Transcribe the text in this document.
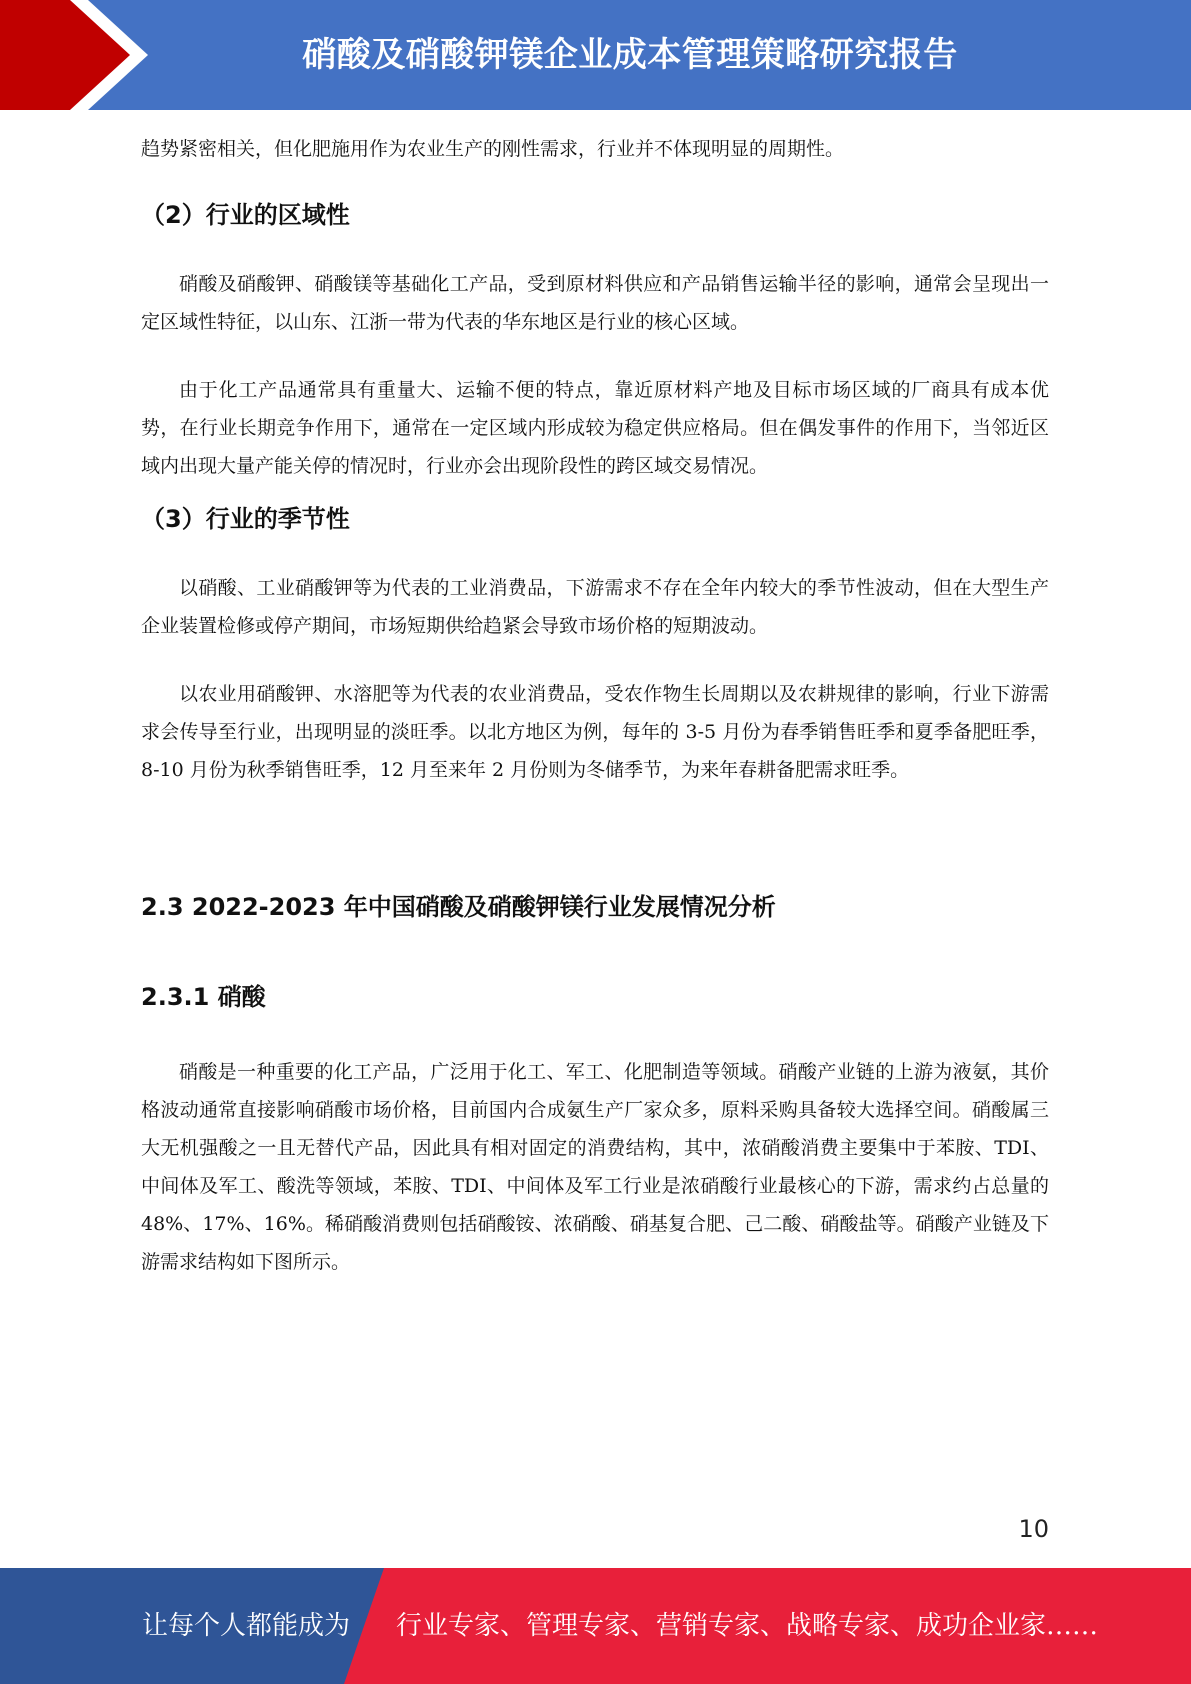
硝酸及硝酸钾镁企业成本管理策略研究报告

趋势紧密相关，但化肥施用作为农业生产的刚性需求，行业并不体现明显的周期性。

（2）行业的区域性

硝酸及硝酸钾、硝酸镁等基础化工产品，受到原材料供应和产品销售运输半径的影响，通常会呈现出一定区域性特征，以山东、江浙一带为代表的华东地区是行业的核心区域。

由于化工产品通常具有重量大、运输不便的特点，靠近原材料产地及目标市场区域的厂商具有成本优势，在行业长期竞争作用下，通常在一定区域内形成较为稳定供应格局。但在偶发事件的作用下，当邻近区域内出现大量产能关停的情况时，行业亦会出现阶段性的跨区域交易情况。

（3）行业的季节性

以硝酸、工业硝酸钾等为代表的工业消费品，下游需求不存在全年内较大的季节性波动，但在大型生产企业装置检修或停产期间，市场短期供给趋紧会导致市场价格的短期波动。

以农业用硝酸钾、水溶肥等为代表的农业消费品，受农作物生长周期以及农耕规律的影响，行业下游需求会传导至行业，出现明显的淡旺季。以北方地区为例，每年的 3-5 月份为春季销售旺季和夏季备肥旺季，8-10 月份为秋季销售旺季，12 月至来年 2 月份则为冬储季节，为来年春耕备肥需求旺季。

2.3 2022-2023 年中国硝酸及硝酸钾镁行业发展情况分析
2.3.1 硝酸

硝酸是一种重要的化工产品，广泛用于化工、军工、化肥制造等领域。硝酸产业链的上游为液氨，其价格波动通常直接影响硝酸市场价格，目前国内合成氨生产厂家众多，原料采购具备较大选择空间。硝酸属三大无机强酸之一且无替代产品，因此具有相对固定的消费结构，其中，浓硝酸消费主要集中于苯胺、TDI、中间体及军工、酸洗等领域，苯胺、TDI、中间体及军工行业是浓硝酸行业最核心的下游，需求约占总量的 48%、17%、16%。稀硝酸消费则包括硝酸铵、浓硝酸、硝基复合肥、己二酸、硝酸盐等。硝酸产业链及下游需求结构如下图所示。

10
让每个人都能成为 行业专家、管理专家、营销专家、战略专家、成功企业家……
